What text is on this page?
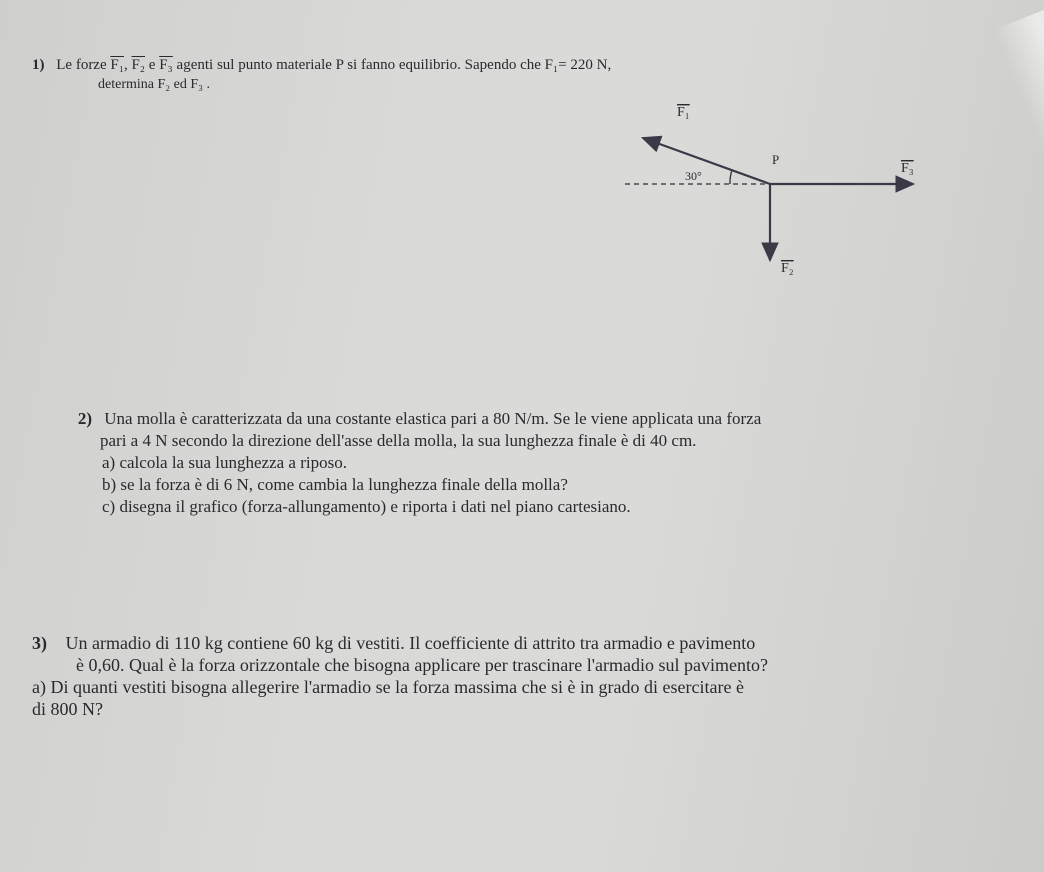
1) Le forze F₁, F₂ e F₃ agenti sul punto materiale P si fanno equilibrio. Sapendo che F₁= 220 N,
determina F₂ ed F₃ .
F₁
P
30°	F₃
F₂
2) Una molla è caratterizzata da una costante elastica pari a 80 N/m. Se le viene applicata una forza
pari a 4 N secondo la direzione dell'asse della molla, la sua lunghezza finale è di 40 cm.
a) calcola la sua lunghezza a riposo.
b) se la forza è di 6 N, come cambia la lunghezza finale della molla?
c) disegna il grafico (forza-allungamento) e riporta i dati nel piano cartesiano.
3) Un armadio di 110 kg contiene 60 kg di vestiti. Il coefficiente di attrito tra armadio e pavimento
è 0,60. Qual è la forza orizzontale che bisogna applicare per trascinare l'armadio sul pavimento?
a) Di quanti vestiti bisogna allegerire l'armadio se la forza massima che si è in grado di esercitare è
di 800 N?
